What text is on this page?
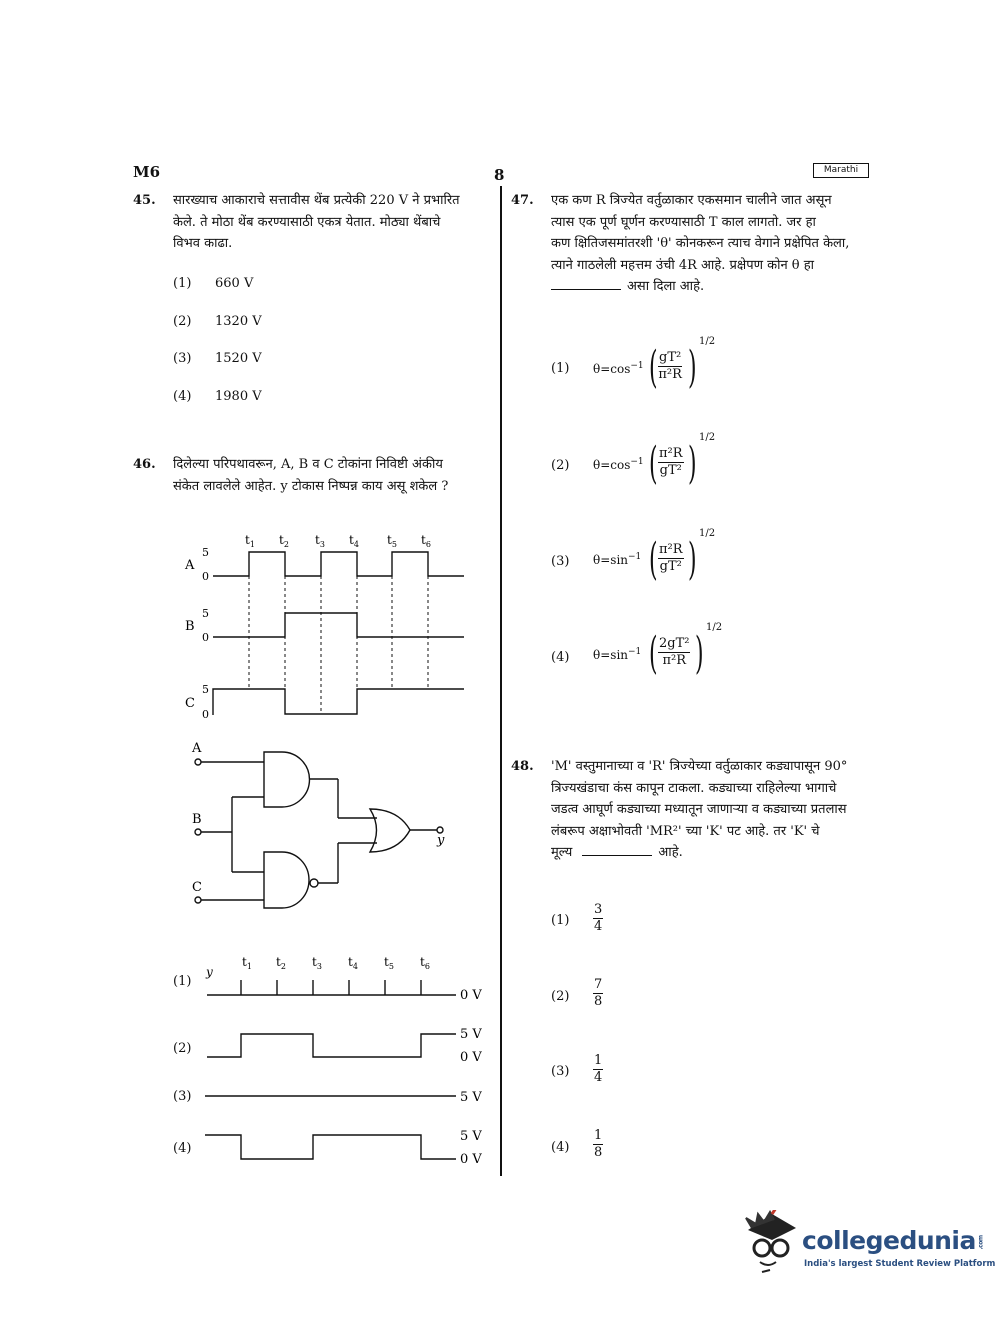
M6	8	Marathi
45. सारख्याच आकाराचे सत्तावीस थेंब प्रत्येकी 220 V ने प्रभारित
केले. ते मोठा थेंब करण्यासाठी एकत्र येतात. मोठ्या थेंबाचे
विभव काढा.
(1) 660 V
(2) 1320 V
(3) 1520 V
(4) 1980 V
46. दिलेल्या परिपथावरून, A, B व C टोकांना निविष्टी अंकीय
संकेत लावलेले आहेत. y टोकास निष्पन्न काय असू शकेल ?
$t_1$ $t_2$ $t_3$ $t_4$ $t_5$ $t_6$
A
5
0
B
5
0
C
5
0
A
B
C
y
(1)
(2)
(3)
(4)
y
$t_1$ $t_2$ $t_3$ $t_4$ $t_5$ $t_6$
0 V
5 V
0 V
5 V
5 V
0 V
47. एक कण R त्रिज्येत वर्तुळाकार एकसमान चालीने जात असून
त्यास एक पूर्ण घूर्णन करण्यासाठी T काल लागतो. जर हा
कण क्षितिजसमांतरशी 'θ' कोनकरून त्याच वेगाने प्रक्षेपित केला,
त्याने गाठलेली महत्तम उंची 4R आहे. प्रक्षेपण कोन θ हा
असा दिला आहे.
(1) $\theta=\cos^{-1}$ ( $\frac{\text{gT²}}{\text{π²R}}$ )
1/2
(2) $\theta=\cos^{-1}$ ( $\frac{\text{π²R}}{\text{gT²}}$ )
1/2
(3) $\theta=\sin^{-1}$ ( $\frac{\text{π²R}}{\text{gT²}}$ )
1/2
(4) $\theta=\sin^{-1}$ ( $\frac{\text{2gT²}}{\text{π²R}}$ )
1/2
48. 'M' वस्तुमानाच्या व 'R' त्रिज्येच्या वर्तुळाकार कड्यापासून 90°
त्रिज्यखंडाचा कंस कापून टाकला. कड्याच्या राहिलेल्या भागाचे
जडत्व आघूर्ण कड्याच्या मध्यातून जाणाऱ्या व कड्याच्या प्रतलास
लंबरूप अक्षाभोवती 'MR²' च्या 'K' पट आहे. तर 'K' चे
मूल्य	आहे.
$(1) \frac{3}{4}$
$(2) \frac{7}{8}$
$(3) \frac{1}{4}$
$(4) \frac{1}{8}$
collegedunia .com
India's largest Student Review Platform
